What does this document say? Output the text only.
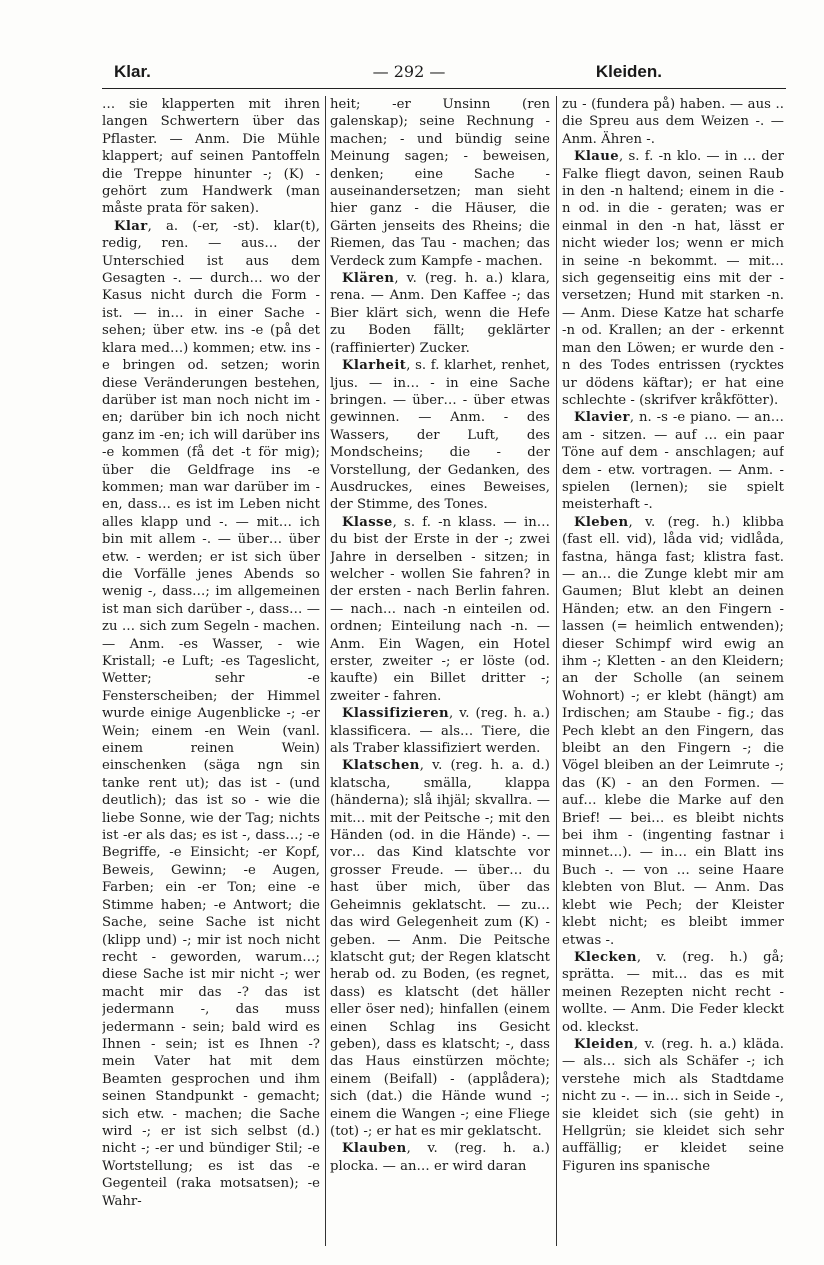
Klar.	— 292 —	Kleiden.

… sie klapperten mit ihren langen Schwertern über das Pflaster. — Anm. Die Mühle klappert; auf seinen Pantoffeln die Treppe hinunter -; (K) - gehört zum Handwerk (man måste prata för saken).

Klar, a. (-er, -st). klar(t), redig, ren. — aus… der Unterschied ist aus dem Gesagten -. — durch… wo der Kasus nicht durch die Form - ist. — in… in einer Sache - sehen; über etw. ins -e (på det klara med…) kommen; etw. ins -e bringen od. setzen; worin diese Veränderungen bestehen, darüber ist man noch nicht im -en; darüber bin ich noch nicht ganz im -en; ich will darüber ins -e kommen (få det -t för mig); über die Geldfrage ins -e kommen; man war darüber im -en, dass… es ist im Leben nicht alles klapp und -. — mit… ich bin mit allem -. — über… über etw. - werden; er ist sich über die Vorfälle jenes Abends so wenig -, dass…; im allgemeinen ist man sich darüber -, dass… — zu … sich zum Segeln - machen. — Anm. -es Wasser, - wie Kristall; -e Luft; -es Tageslicht, Wetter; sehr -e Fensterscheiben; der Himmel wurde einige Augenblicke -; -er Wein; einem -en Wein (vanl. einem reinen Wein) einschenken (säga ngn sin tanke rent ut); das ist - (und deutlich); das ist so - wie die liebe Sonne, wie der Tag; nichts ist -er als das; es ist -, dass…; -e Begriffe, -e Einsicht; -er Kopf, Beweis, Gewinn; -e Augen, Farben; ein -er Ton; eine -e Stimme haben; -e Antwort; die Sache, seine Sache ist nicht (klipp und) -; mir ist noch nicht recht - geworden, warum…; diese Sache ist mir nicht -; wer macht mir das -? das ist jedermann -, das muss jedermann - sein; bald wird es Ihnen - sein; ist es Ihnen -? mein Vater hat mit dem Beamten gesprochen und ihm seinen Standpunkt - gemacht; sich etw. - machen; die Sache wird -; er ist sich selbst (d.) nicht -; -er und bündiger Stil; -e Wortstellung; es ist das -e Gegenteil (raka motsatsen); -e Wahr-

heit; -er Unsinn (ren galenskap); seine Rechnung - machen; - und bündig seine Meinung sagen; - beweisen, denken; eine Sache - auseinandersetzen; man sieht hier ganz - die Häuser, die Gärten jenseits des Rheins; die Riemen, das Tau - machen; das Verdeck zum Kampfe - machen.

Klären, v. (reg. h. a.) klara, rena. — Anm. Den Kaffee -; das Bier klärt sich, wenn die Hefe zu Boden fällt; geklärter (raffinierter) Zucker.

Klarheit, s. f. klarhet, renhet, ljus. — in… - in eine Sache bringen. — über… - über etwas gewinnen. — Anm. - des Wassers, der Luft, des Mondscheins; die - der Vorstellung, der Gedanken, des Ausdruckes, eines Beweises, der Stimme, des Tones.

Klasse, s. f. -n klass. — in… du bist der Erste in der -; zwei Jahre in derselben - sitzen; in welcher - wollen Sie fahren? in der ersten - nach Berlin fahren. — nach… nach -n einteilen od. ordnen; Einteilung nach -n. — Anm. Ein Wagen, ein Hotel erster, zweiter -; er löste (od. kaufte) ein Billet dritter -; zweiter - fahren.

Klassifizieren, v. (reg. h. a.) klassificera. — als… Tiere, die als Traber klassifiziert werden.

Klatschen, v. (reg. h. a. d.) klatscha, smälla, klappa (händerna); slå ihjäl; skvallra. — mit… mit der Peitsche -; mit den Händen (od. in die Hände) -. — vor… das Kind klatschte vor grosser Freude. — über… du hast über mich, über das Geheimnis geklatscht. — zu… das wird Gelegenheit zum (K) - geben. — Anm. Die Peitsche klatscht gut; der Regen klatscht herab od. zu Boden, (es regnet, dass) es klatscht (det häller eller öser ned); hinfallen (einem einen Schlag ins Gesicht geben), dass es klatscht; -, dass das Haus einstürzen möchte; einem (Beifall) - (applådera); sich (dat.) die Hände wund -; einem die Wangen -; eine Fliege (tot) -; er hat es mir geklatscht.

Klauben, v. (reg. h. a.) plocka. — an… er wird daran

zu - (fundera på) haben. — aus .. die Spreu aus dem Weizen -. — Anm. Ähren -.

Klaue, s. f. -n klo. — in … der Falke fliegt davon, seinen Raub in den -n haltend; einem in die -n od. in die - geraten; was er einmal in den -n hat, lässt er nicht wieder los; wenn er mich in seine -n bekommt. — mit… sich gegenseitig eins mit der - versetzen; Hund mit starken -n. — Anm. Diese Katze hat scharfe -n od. Krallen; an der - erkennt man den Löwen; er wurde den -n des Todes entrissen (rycktes ur dödens käftar); er hat eine schlechte - (skrifver kråkfötter).

Klavier, n. -s -e piano. — an… am - sitzen. — auf … ein paar Töne auf dem - anschlagen; auf dem - etw. vortragen. — Anm. - spielen (lernen); sie spielt meisterhaft -.

Kleben, v. (reg. h.) klibba (fast ell. vid), låda vid; vidlåda, fastna, hänga fast; klistra fast. — an… die Zunge klebt mir am Gaumen; Blut klebt an deinen Händen; etw. an den Fingern - lassen (= heimlich entwenden); dieser Schimpf wird ewig an ihm -; Kletten - an den Kleidern; an der Scholle (an seinem Wohnort) -; er klebt (hängt) am Irdischen; am Staube - fig.; das Pech klebt an den Fingern, das bleibt an den Fingern -; die Vögel bleiben an der Leimrute -; das (K) - an den Formen. — auf… klebe die Marke auf den Brief! — bei… es bleibt nichts bei ihm - (ingenting fastnar i minnet…). — in… ein Blatt ins Buch -. — von … seine Haare klebten von Blut. — Anm. Das klebt wie Pech; der Kleister klebt nicht; es bleibt immer etwas -.

Klecken, v. (reg. h.) gå; sprätta. — mit… das es mit meinen Rezepten nicht recht - wollte. — Anm. Die Feder kleckt od. kleckst.

Kleiden, v. (reg. h. a.) kläda. — als… sich als Schäfer -; ich verstehe mich als Stadtdame nicht zu -. — in… sich in Seide -, sie kleidet sich (sie geht) in Hellgrün; sie kleidet sich sehr auffällig; er kleidet seine Figuren ins spanische
